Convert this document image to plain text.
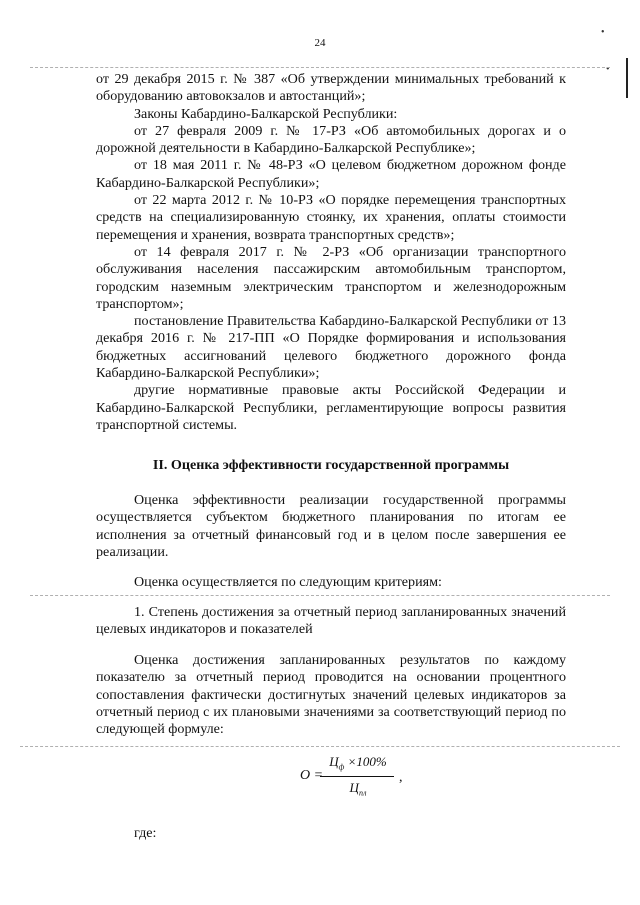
24
•
•

от 29 декабря 2015 г. № 387 «Об утверждении минимальных требований к оборудованию автовокзалов и автостанций»;

Законы Кабардино-Балкарской Республики:

от 27 февраля 2009 г. № 17-РЗ «Об автомобильных дорогах и о дорожной деятельности в Кабардино-Балкарской Республике»;

от 18 мая 2011 г. № 48-РЗ «О целевом бюджетном дорожном фонде Кабардино-Балкарской Республики»;

от 22 марта 2012 г. № 10-РЗ «О порядке перемещения транспортных средств на специализированную стоянку, их хранения, оплаты стоимости перемещения и хранения, возврата транспортных средств»;

от 14 февраля 2017 г. № 2-РЗ «Об организации транспортного обслуживания населения пассажирским автомобильным транспортом, городским наземным электрическим транспортом и железнодорожным транспортом»;

постановление Правительства Кабардино-Балкарской Республики от 13 декабря 2016 г. № 217-ПП «О Порядке формирования и использования бюджетных ассигнований целевого бюджетного дорожного фонда Кабардино-Балкарской Республики»;

другие нормативные правовые акты Российской Федерации и Кабардино-Балкарской Республики, регламентирующие вопросы развития транспортной системы.

II. Оценка эффективности государственной программы

Оценка эффективности реализации государственной программы осуществляется субъектом бюджетного планирования по итогам ее исполнения за отчетный финансовый год и в целом после завершения ее реализации.

Оценка осуществляется по следующим критериям:

1. Степень достижения за отчетный период запланированных значений целевых индикаторов и показателей

Оценка достижения запланированных результатов по каждому показателю за отчетный период проводится на основании процентного сопоставления фактически достигнутых значений целевых индикаторов за отчетный период с их плановыми значениями за соответствующий период по следующей формуле:

О =
$Ц_ф \times 100\%$
$Ц_{пл}$
,
где:
